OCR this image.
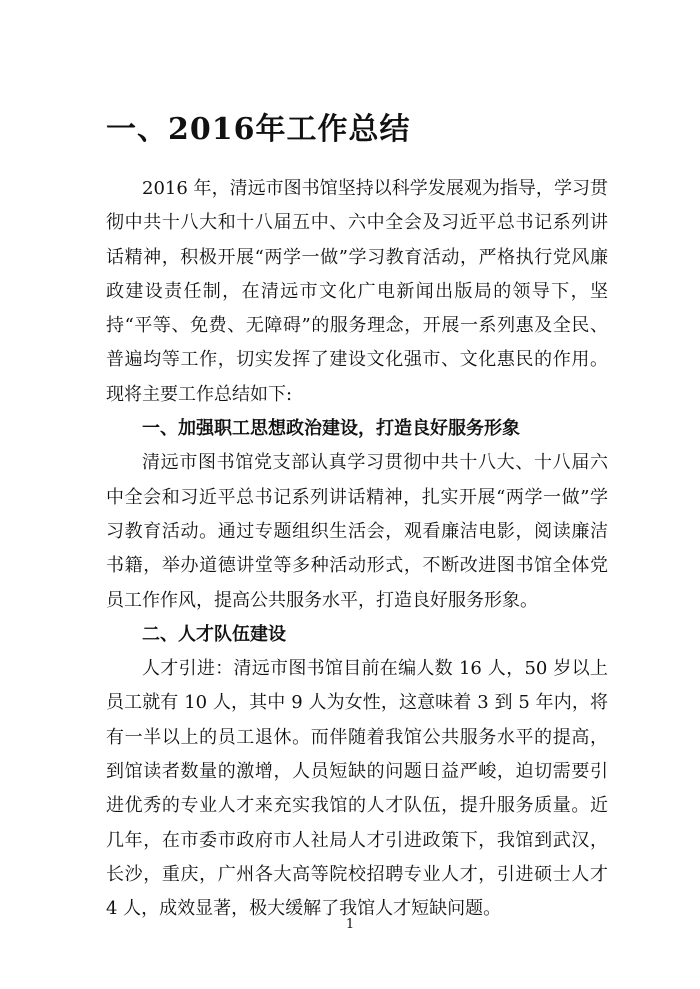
一、2016年工作总结

2016 年，清远市图书馆坚持以科学发展观为指导，学习贯彻中共十八大和十八届五中、六中全会及习近平总书记系列讲话精神，积极开展“两学一做”学习教育活动，严格执行党风廉政建设责任制，在清远市文化广电新闻出版局的领导下，坚持“平等、免费、无障碍”的服务理念，开展一系列惠及全民、普遍均等工作，切实发挥了建设文化强市、文化惠民的作用。现将主要工作总结如下:

一、加强职工思想政治建设，打造良好服务形象

清远市图书馆党支部认真学习贯彻中共十八大、十八届六中全会和习近平总书记系列讲话精神，扎实开展“两学一做”学习教育活动。通过专题组织生活会，观看廉洁电影，阅读廉洁书籍，举办道德讲堂等多种活动形式，不断改进图书馆全体党员工作作风，提高公共服务水平，打造良好服务形象。

二、人才队伍建设

人才引进：清远市图书馆目前在编人数 16 人，50 岁以上员工就有 10 人，其中 9 人为女性，这意味着 3 到 5 年内，将有一半以上的员工退休。而伴随着我馆公共服务水平的提高，到馆读者数量的激增，人员短缺的问题日益严峻，迫切需要引进优秀的专业人才来充实我馆的人才队伍，提升服务质量。近几年，在市委市政府市人社局人才引进政策下，我馆到武汉，长沙，重庆，广州各大高等院校招聘专业人才，引进硕士人才 4 人，成效显著，极大缓解了我馆人才短缺问题。

1
